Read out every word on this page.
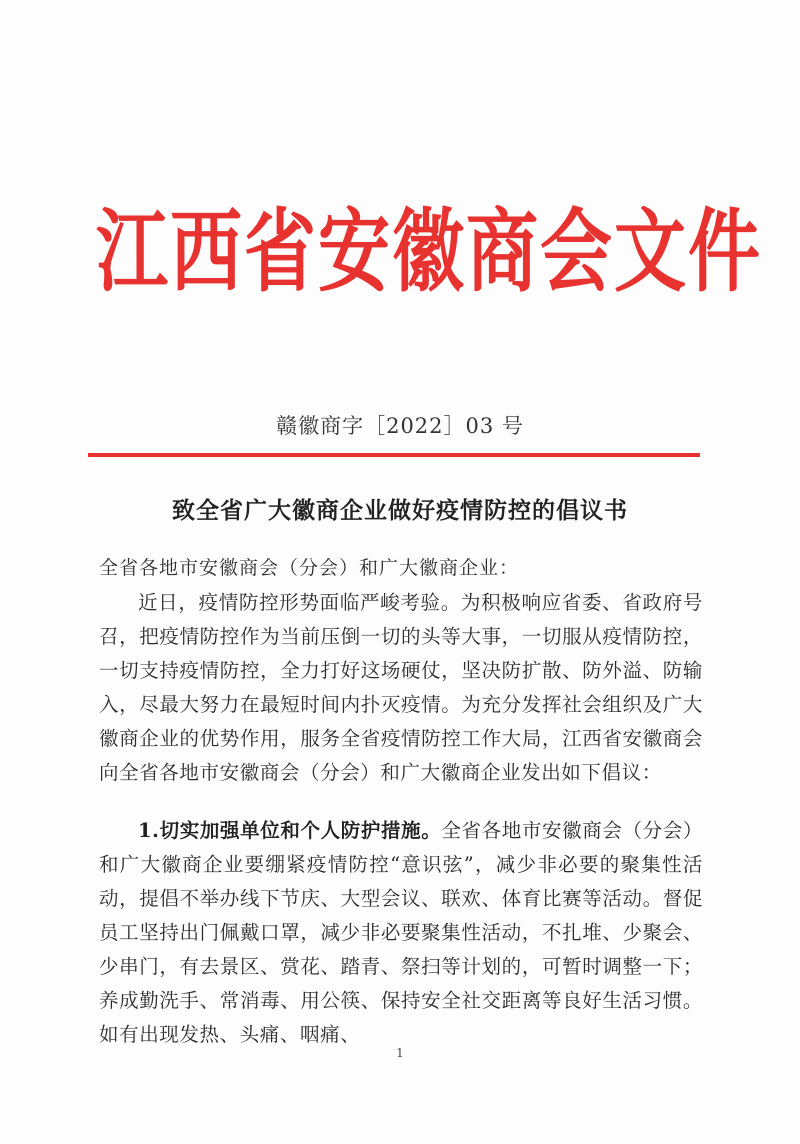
江西省安徽商会文件
赣徽商字［2022］03 号
致全省广大徽商企业做好疫情防控的倡议书
全省各地市安徽商会（分会）和广大徽商企业：
近日，疫情防控形势面临严峻考验。为积极响应省委、省政府号召，把疫情防控作为当前压倒一切的头等大事，一切服从疫情防控，一切支持疫情防控，全力打好这场硬仗，坚决防扩散、防外溢、防输入，尽最大努力在最短时间内扑灭疫情。为充分发挥社会组织及广大徽商企业的优势作用，服务全省疫情防控工作大局，江西省安徽商会向全省各地市安徽商会（分会）和广大徽商企业发出如下倡议：
1.切实加强单位和个人防护措施。全省各地市安徽商会（分会）和广大徽商企业要绷紧疫情防控“意识弦”，减少非必要的聚集性活动，提倡不举办线下节庆、大型会议、联欢、体育比赛等活动。督促员工坚持出门佩戴口罩，减少非必要聚集性活动，不扎堆、少聚会、少串门，有去景区、赏花、踏青、祭扫等计划的，可暂时调整一下；养成勤洗手、常消毒、用公筷、保持安全社交距离等良好生活习惯。如有出现发热、头痛、咽痛、
1
